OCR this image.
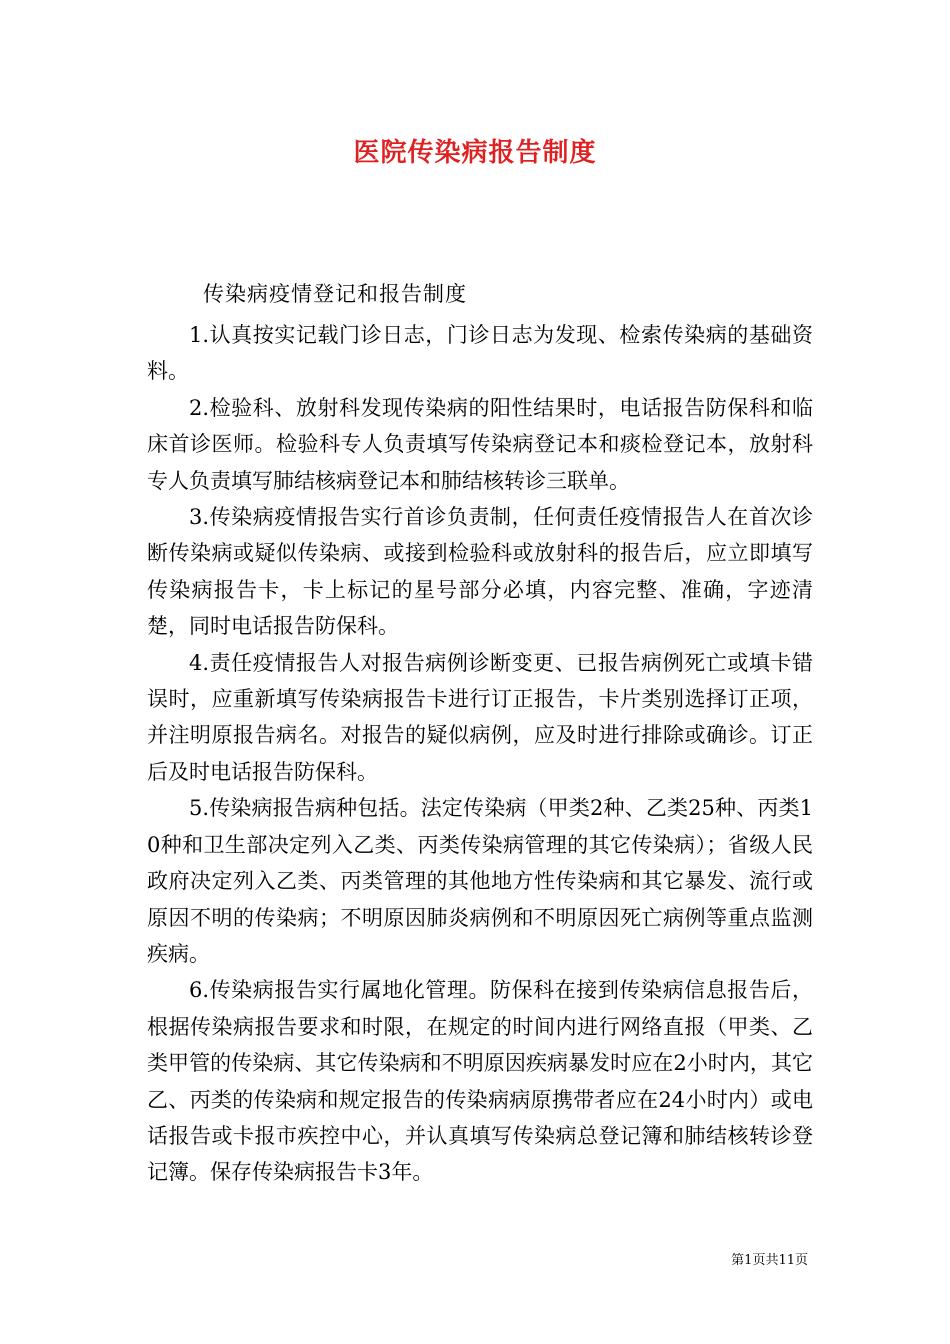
医院传染病报告制度
传染病疫情登记和报告制度

1.认真按实记载门诊日志，门诊日志为发现、检索传染病的基础资料。

2.检验科、放射科发现传染病的阳性结果时，电话报告防保科和临床首诊医师。检验科专人负责填写传染病登记本和痰检登记本，放射科专人负责填写肺结核病登记本和肺结核转诊三联单。

3.传染病疫情报告实行首诊负责制，任何责任疫情报告人在首次诊断传染病或疑似传染病、或接到检验科或放射科的报告后，应立即填写传染病报告卡，卡上标记的星号部分必填，内容完整、准确，字迹清楚，同时电话报告防保科。

4.责任疫情报告人对报告病例诊断变更、已报告病例死亡或填卡错误时，应重新填写传染病报告卡进行订正报告，卡片类别选择订正项，并注明原报告病名。对报告的疑似病例，应及时进行排除或确诊。订正后及时电话报告防保科。

5.传染病报告病种包括。法定传染病（甲类2种、乙类25种、丙类10种和卫生部决定列入乙类、丙类传染病管理的其它传染病）；省级人民政府决定列入乙类、丙类管理的其他地方性传染病和其它暴发、流行或原因不明的传染病；不明原因肺炎病例和不明原因死亡病例等重点监测疾病。

6.传染病报告实行属地化管理。防保科在接到传染病信息报告后，根据传染病报告要求和时限，在规定的时间内进行网络直报（甲类、乙类甲管的传染病、其它传染病和不明原因疾病暴发时应在2小时内，其它乙、丙类的传染病和规定报告的传染病病原携带者应在24小时内）或电话报告或卡报市疾控中心，并认真填写传染病总登记簿和肺结核转诊登记簿。保存传染病报告卡3年。

第1页共11页
